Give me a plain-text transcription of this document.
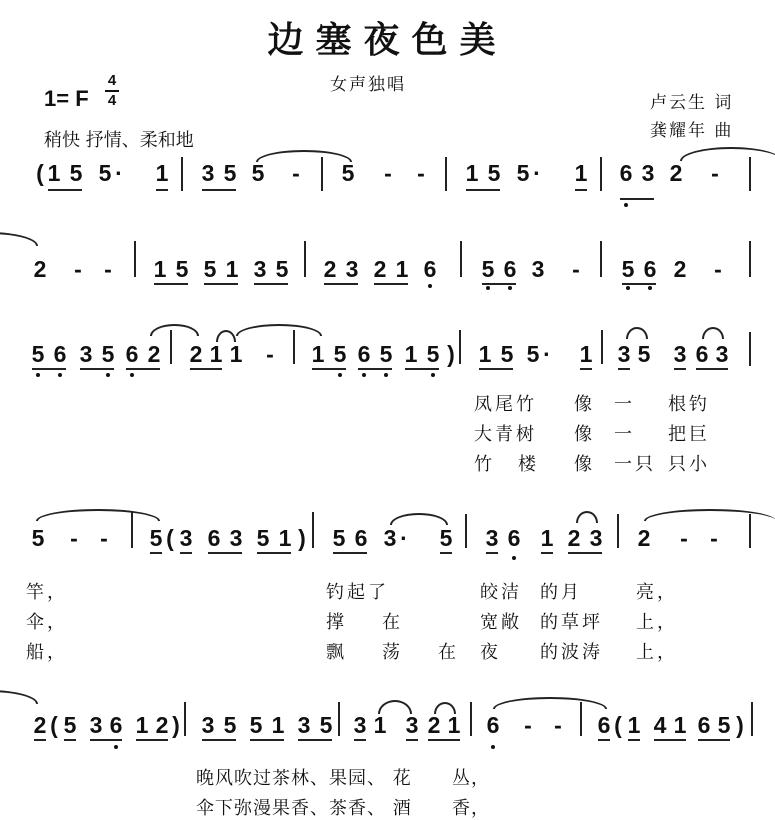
边塞夜色美
女声独唱
卢云生 词
龚耀年 曲
1= F
4
4
稍快 抒情、柔和地
( 1 5 5 · 1 3 5 5 - 5 - - 1 5 5 · 1 6 3 2 -
2 - - 1 5 5 1 3 5 2 3 2 1 6 5 6 3 - 5 6 2 -
5 6 3 5 6 2 2 1 1 - 1 5 6 5 1 5 ) 1 5 5 · 1 3 5 3 6 3
凤尾竹 像 一 根钓
大青树 像 一 把巨
竹 楼 像 一只 只小
5 - - 5 ( 3 6 3 5 1 ) 5 6 3 · 5 3 6 1 2 3 2 - -
竿，	钓起了	皎洁 的月	亮，
伞，	撑 在	宽敞 的草坪 上，
船，	飘 荡 在 夜 的波涛 上，
2 ( 5 3 6 1 2 ) 3 5 5 1 3 5 3 1 3 2 1 6 - - 6 ( 1 4 1 6 5 )
晚风吹过茶林、果园、 花      丛，
伞下弥漫果香、茶香、 酒      香，
